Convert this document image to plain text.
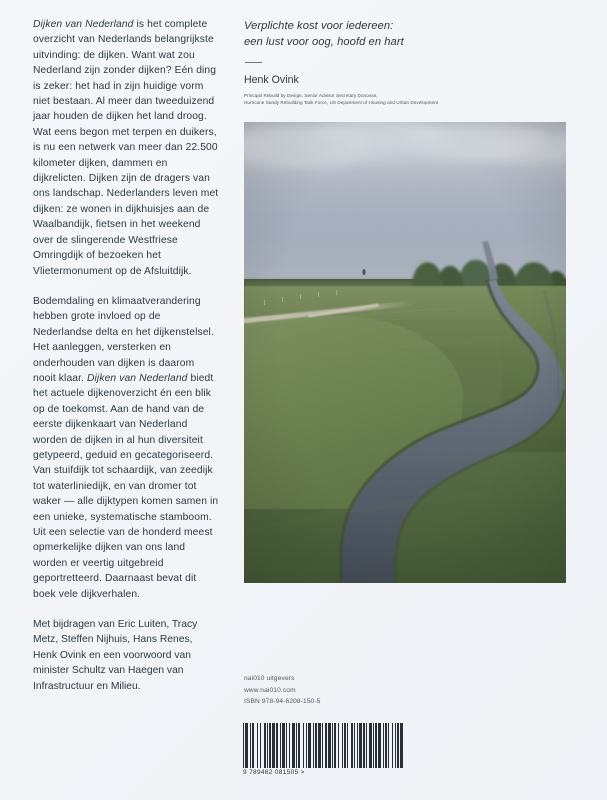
Dijken van Nederland is het complete overzicht van Nederlands belangrijkste uitvinding: de dijken. Want wat zou Nederland zijn zonder dijken? Eén ding is zeker: het had in zijn huidige vorm niet bestaan. Al meer dan tweeduizend jaar houden de dijken het land droog. Wat eens begon met terpen en duikers, is nu een netwerk van meer dan 22.500 kilometer dijken, dammen en dijkrelicten. Dijken zijn de dragers van ons landschap. Nederlanders leven met dijken: ze wonen in dijkhuisjes aan de Waalbandijk, fietsen in het weekend over de slingerende Westfriese Omringdijk of bezoeken het Vlietermonument op de Afsluitdijk.

Bodemdaling en klimaatverandering hebben grote invloed op de Nederlandse delta en het dijkenstelsel. Het aanleggen, versterken en onderhouden van dijken is daarom nooit klaar. Dijken van Nederland biedt het actuele dijkenoverzicht én een blik op de toekomst. Aan de hand van de eerste dijkenkaart van Nederland worden de dijken in al hun diversiteit getypeerd, geduid en gecategoriseerd. Van stuifdijk tot schaardijk, van zeedijk tot waterliniedijk, en van dromer tot waker — alle dijktypen komen samen in een unieke, systematische stamboom. Uit een selectie van de honderd meest opmerkelijke dijken van ons land worden er veertig uitgebreid geportretteerd. Daarnaast bevat dit boek vele dijkverhalen.

Met bijdragen van Eric Luiten, Tracy Metz, Steffen Nijhuis, Hans Renes, Henk Ovink en een voorwoord van minister Schultz van Haegen van Infrastructuur en Milieu.

Verplichte kost voor iedereen:
een lust voor oog, hoofd en hart
Henk Ovink
Principal Rebuild by Design, Senior Advisor Secretary Donovan,
Hurricane Sandy Rebuilding Task Force, US Department of Housing and Urban Development
nai010 uitgevers
www.nai010.com
ISBN 978-94-6208-150-5
9 789462 081505 >
